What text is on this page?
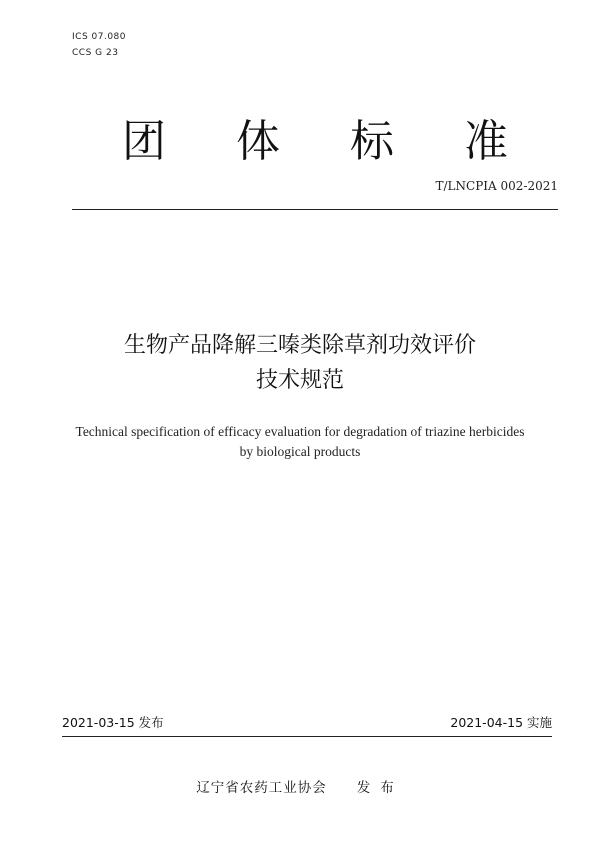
ICS 07.080
CCS G 23
团 体 标 准
T/LNCPIA 002-2021
生物产品降解三嗪类除草剂功效评价
技术规范
Technical specification of efficacy evaluation for degradation of triazine herbicides
by biological products
2021-03-15 发布	2021-04-15 实施
辽宁省农药工业协会 发布
